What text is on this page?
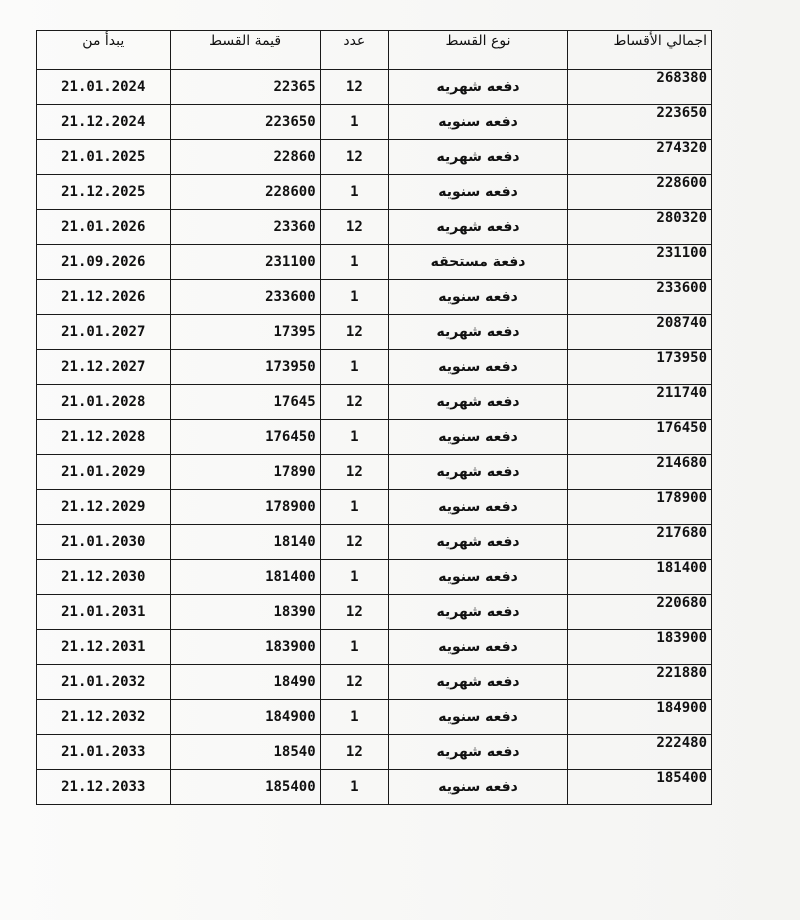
يبدأ من	قيمة القسط	عدد	نوع القسط	اجمالي الأقساط
21.01.2024	22365	12	دفعه شهريه	268380
21.12.2024	223650	1	دفعه سنويه	223650
21.01.2025	22860	12	دفعه شهريه	274320
21.12.2025	228600	1	دفعه سنويه	228600
21.01.2026	23360	12	دفعه شهريه	280320
21.09.2026	231100	1	دفعة مستحقه	231100
21.12.2026	233600	1	دفعه سنويه	233600
21.01.2027	17395	12	دفعه شهريه	208740
21.12.2027	173950	1	دفعه سنويه	173950
21.01.2028	17645	12	دفعه شهريه	211740
21.12.2028	176450	1	دفعه سنويه	176450
21.01.2029	17890	12	دفعه شهريه	214680
21.12.2029	178900	1	دفعه سنويه	178900
21.01.2030	18140	12	دفعه شهريه	217680
21.12.2030	181400	1	دفعه سنويه	181400
21.01.2031	18390	12	دفعه شهريه	220680
21.12.2031	183900	1	دفعه سنويه	183900
21.01.2032	18490	12	دفعه شهريه	221880
21.12.2032	184900	1	دفعه سنويه	184900
21.01.2033	18540	12	دفعه شهريه	222480
21.12.2033	185400	1	دفعه سنويه	185400
